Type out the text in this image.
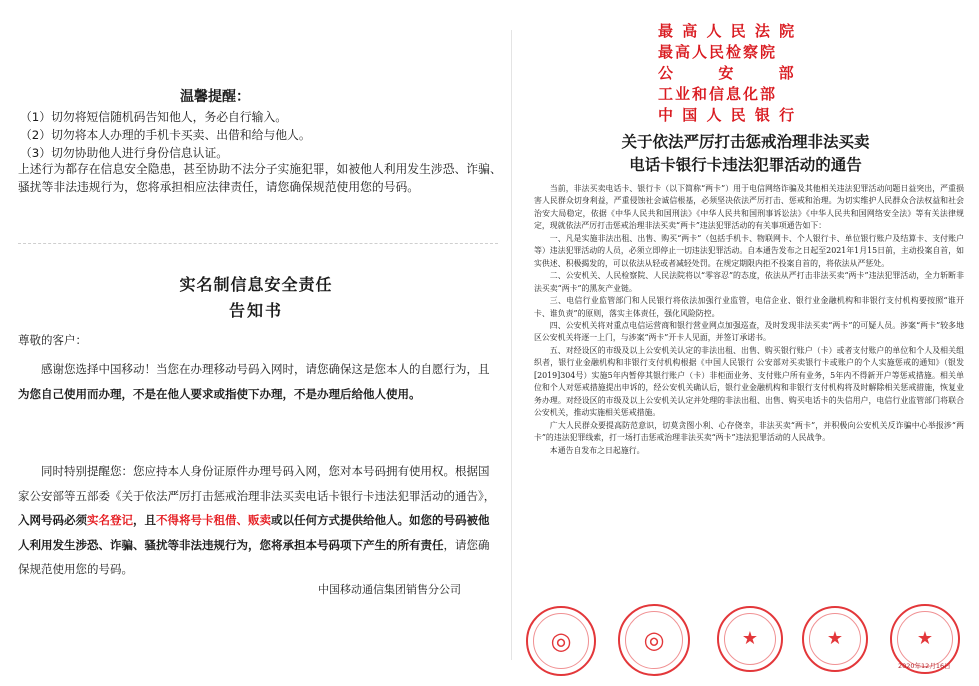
温馨提醒：
（1）切勿将短信随机码告知他人，务必自行输入。
（2）切勿将本人办理的手机卡买卖、出借和给与他人。
（3）切勿协助他人进行身份信息认证。
上述行为都存在信息安全隐患，甚至协助不法分子实施犯罪，如被他人利用发生涉恐、诈骗、骚扰等非法违规行为，您将承担相应法律责任，请您确保规范使用您的号码。
实名制信息安全责任
告知书
尊敬的客户：
感谢您选择中国移动！当您在办理移动号码入网时，请您确保这是您本人的自愿行为，且为您自己使用而办理，不是在他人要求或指使下办理，不是办理后给他人使用。
同时特别提醒您：您应持本人身份证原件办理号码入网，您对本号码拥有使用权。根据国家公安部等五部委《关于依法严厉打击惩戒治理非法买卖电话卡银行卡违法犯罪活动的通告》，入网号码必须实名登记，且不得将号卡租借、贩卖或以任何方式提供给他人。如您的号码被他人利用发生涉恐、诈骗、骚扰等非法违规行为，您将承担本号码项下产生的所有责任，请您确保规范使用您的号码。
中国移动通信集团销售分公司
最 高 人 民 法 院
最高人民检察院
公      安      部
工业和信息化部
中 国 人 民 银 行
关于依法严厉打击惩戒治理非法买卖
电话卡银行卡违法犯罪活动的通告

当前，非法买卖电话卡、银行卡（以下简称“两卡”）用于电信网络诈骗及其他相关违法犯罪活动问题日益突出，严重损害人民群众切身利益，严重侵蚀社会诚信根基，必须坚决依法严厉打击、惩戒和治理。为切实维护人民群众合法权益和社会治安大局稳定，依据《中华人民共和国刑法》《中华人民共和国刑事诉讼法》《中华人民共和国网络安全法》等有关法律规定，现就依法严厉打击惩戒治理非法买卖“两卡”违法犯罪活动的有关事项通告如下：

一、凡是实施非法出租、出售、购买“两卡”（包括手机卡、物联网卡、个人银行卡、单位银行账户及结算卡、支付账户等）违法犯罪活动的人员，必须立即停止一切违法犯罪活动。自本通告发布之日起至2021年1月15日前，主动投案自首，如实供述、积极揭发的，可以依法从轻或者减轻处罚。在规定期限内拒不投案自首的，将依法从严惩处。

二、公安机关、人民检察院、人民法院将以“零容忍”的态度，依法从严打击非法买卖“两卡”违法犯罪活动，全力斩断非法买卖“两卡”的黑灰产业链。

三、电信行业监管部门和人民银行将依法加强行业监管，电信企业、银行业金融机构和非银行支付机构要按照“谁开卡、谁负责”的原则，落实主体责任，强化风险防控。

四、公安机关将对重点电信运营商和银行营业网点加强巡查，及时发现非法买卖“两卡”的可疑人员。涉案“两卡”较多地区公安机关将逐一上门，与涉案“两卡”开卡人见面，并签订承诺书。

五、对经设区的市级及以上公安机关认定的非法出租、出售、购买银行账户（卡）或者支付账户的单位和个人及相关组织者，银行业金融机构和非银行支付机构根据《中国人民银行 公安部对买卖银行卡或账户的个人实施惩戒的通知》（银发[2019]304号）实施5年内暂停其银行账户（卡）非柜面业务、支付账户所有业务，5年内不得新开户等惩戒措施。相关单位和个人对惩戒措施提出申诉的，经公安机关确认后，银行业金融机构和非银行支付机构将及时解除相关惩戒措施，恢复业务办理。对经设区的市级及以上公安机关认定并处理的非法出租、出售、购买电话卡的失信用户，电信行业监管部门将联合公安机关，推动实施相关惩戒措施。

广大人民群众要提高防范意识，切莫贪图小利、心存侥幸，非法买卖“两卡”，并积极向公安机关反诈骗中心举报涉“两卡”的违法犯罪线索，打一场打击惩戒治理非法买卖“两卡”违法犯罪活动的人民战争。

本通告自发布之日起施行。

◎	◎	★	★	★
2020年12月16日
